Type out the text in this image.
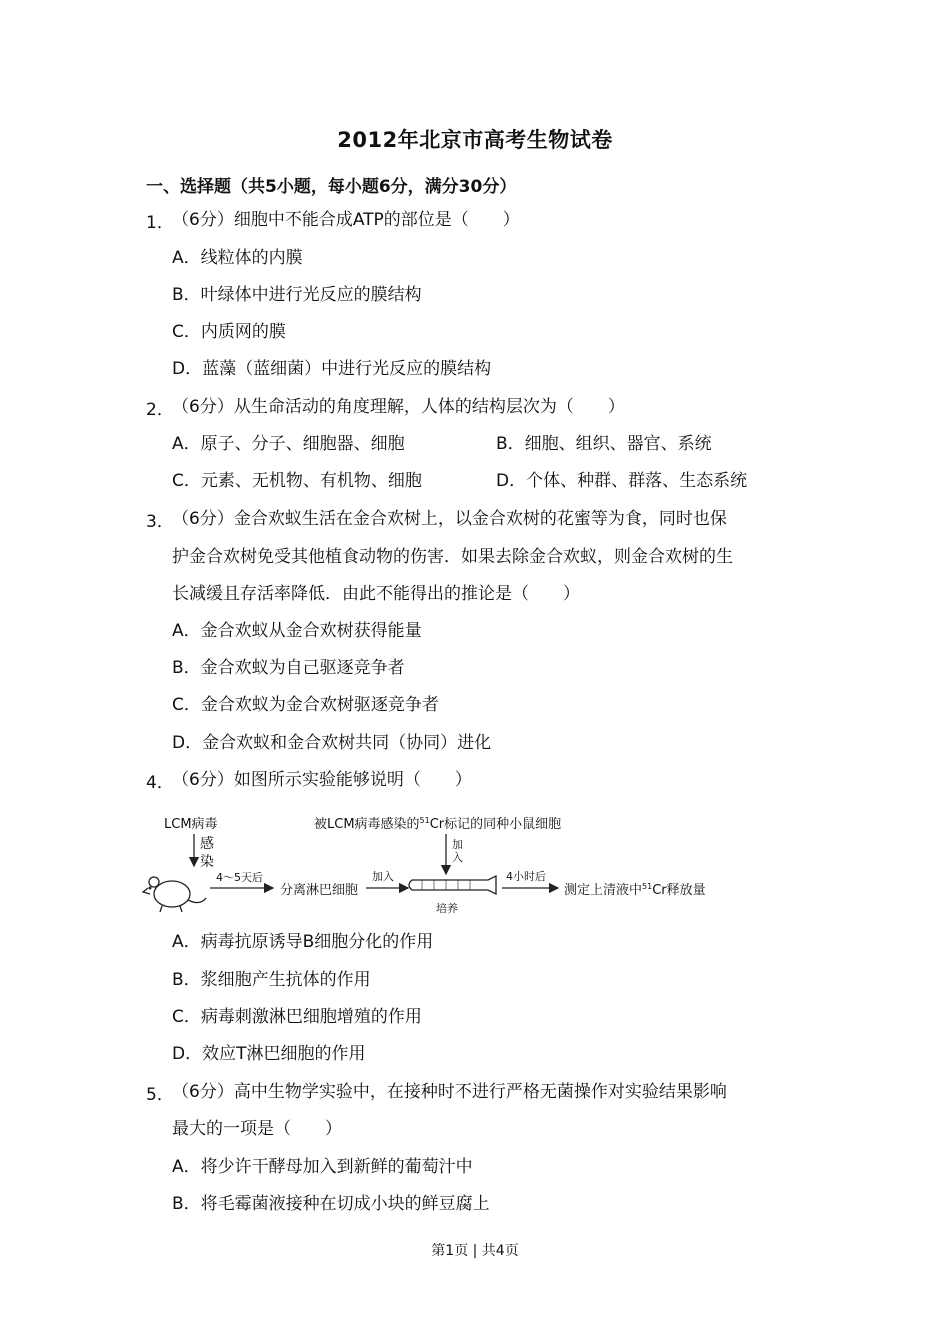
2012年北京市高考生物试卷
一、选择题（共5小题，每小题6分，满分30分）
1．
（6分）细胞中不能合成ATP的部位是（　　）
A．线粒体的内膜
B．叶绿体中进行光反应的膜结构
C．内质网的膜
D．蓝藻（蓝细菌）中进行光反应的膜结构
2．
（6分）从生命活动的角度理解，人体的结构层次为（　　）
A．原子、分子、细胞器、细胞	B．细胞、组织、器官、系统
C．元素、无机物、有机物、细胞	D．个体、种群、群落、生态系统
3．
（6分）金合欢蚁生活在金合欢树上，以金合欢树的花蜜等为食，同时也保
护金合欢树免受其他植食动物的伤害．如果去除金合欢蚁，则金合欢树的生
长减缓且存活率降低．由此不能得出的推论是（　　）
A．金合欢蚁从金合欢树获得能量
B．金合欢蚁为自己驱逐竞争者
C．金合欢蚁为金合欢树驱逐竞争者
D．金合欢蚁和金合欢树共同（协同）进化
4．
（6分）如图所示实验能够说明（　　）
LCM病毒
感
染
4～5天后
分离淋巴细胞
加入
被LCM病毒感染的$^{51}$Cr标记的同种小鼠细胞
加
入
培养
4小时后
测定上清液中$^{51}$Cr释放量
A．病毒抗原诱导B细胞分化的作用
B．浆细胞产生抗体的作用
C．病毒刺激淋巴细胞增殖的作用
D．效应T淋巴细胞的作用
5．
（6分）高中生物学实验中，在接种时不进行严格无菌操作对实验结果影响
最大的一项是（　　）
A．将少许干酵母加入到新鲜的葡萄汁中
B．将毛霉菌液接种在切成小块的鲜豆腐上
第1页 | 共4页
